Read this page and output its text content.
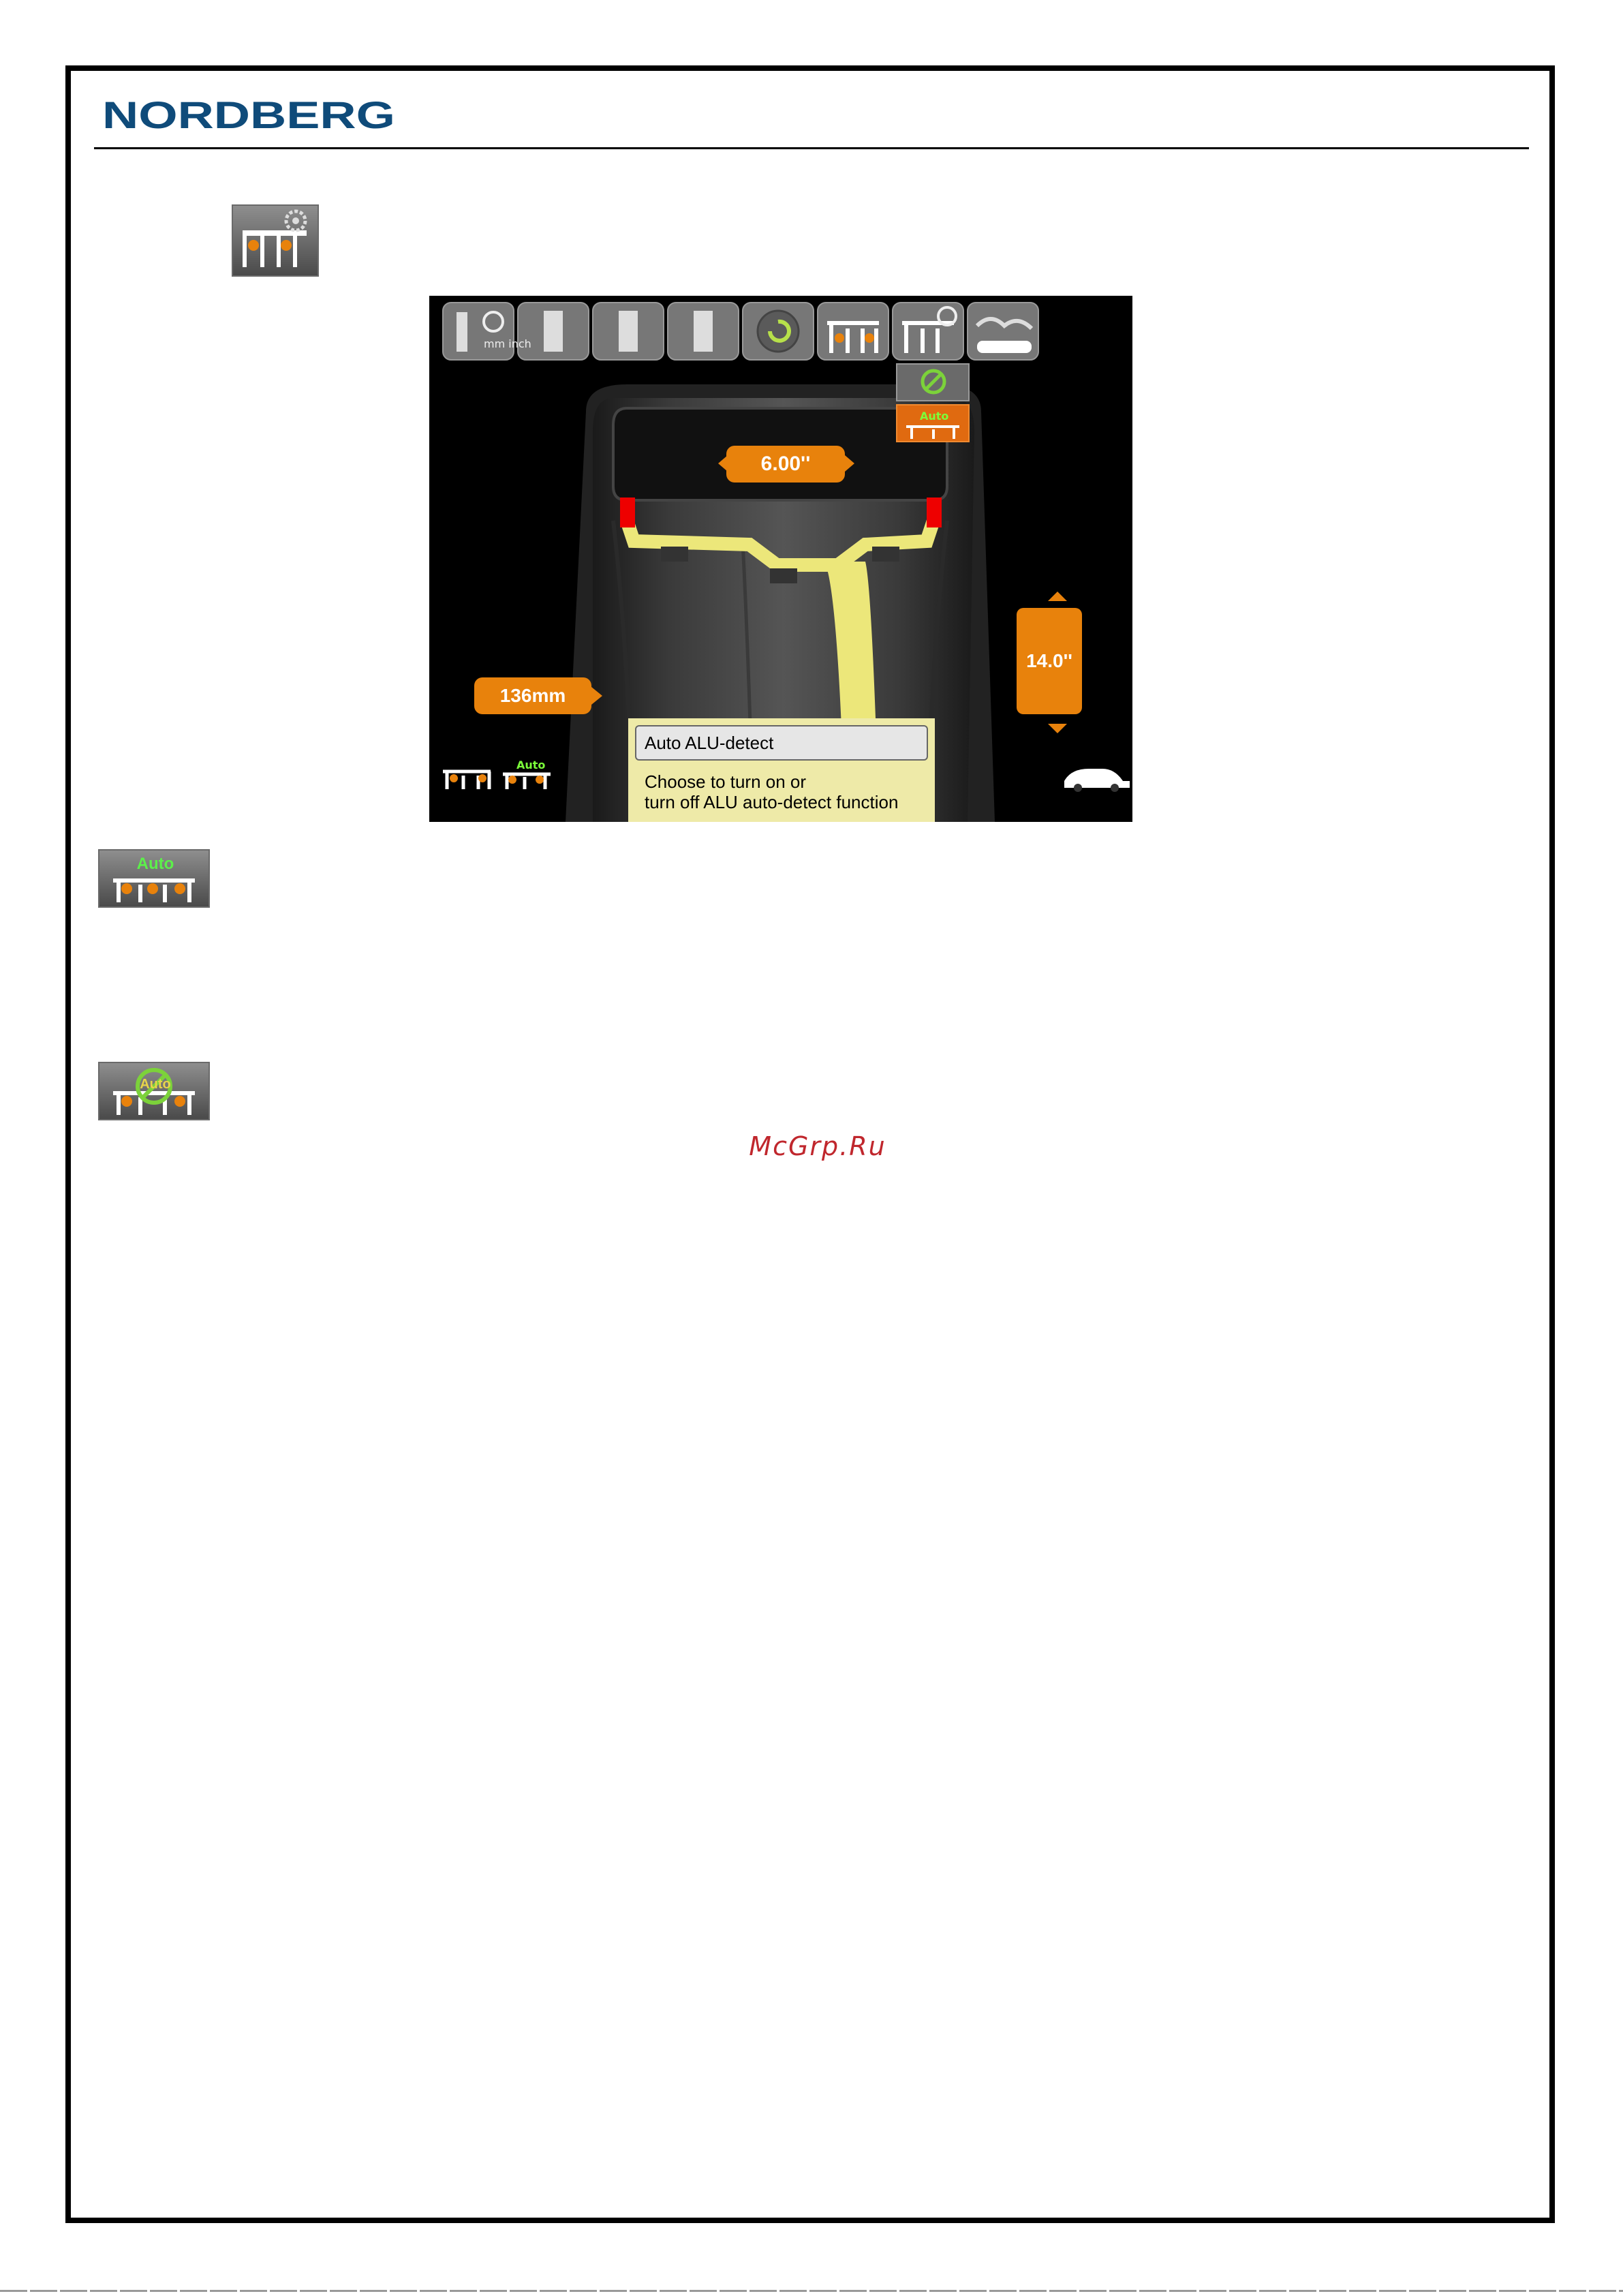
NORDBERG
mm inch
Auto
Auto
6.00''
14.0''
136mm
Auto ALU-detect
Choose to turn on or
turn off ALU auto-detect function
Auto
Auto
McGrp.Ru
